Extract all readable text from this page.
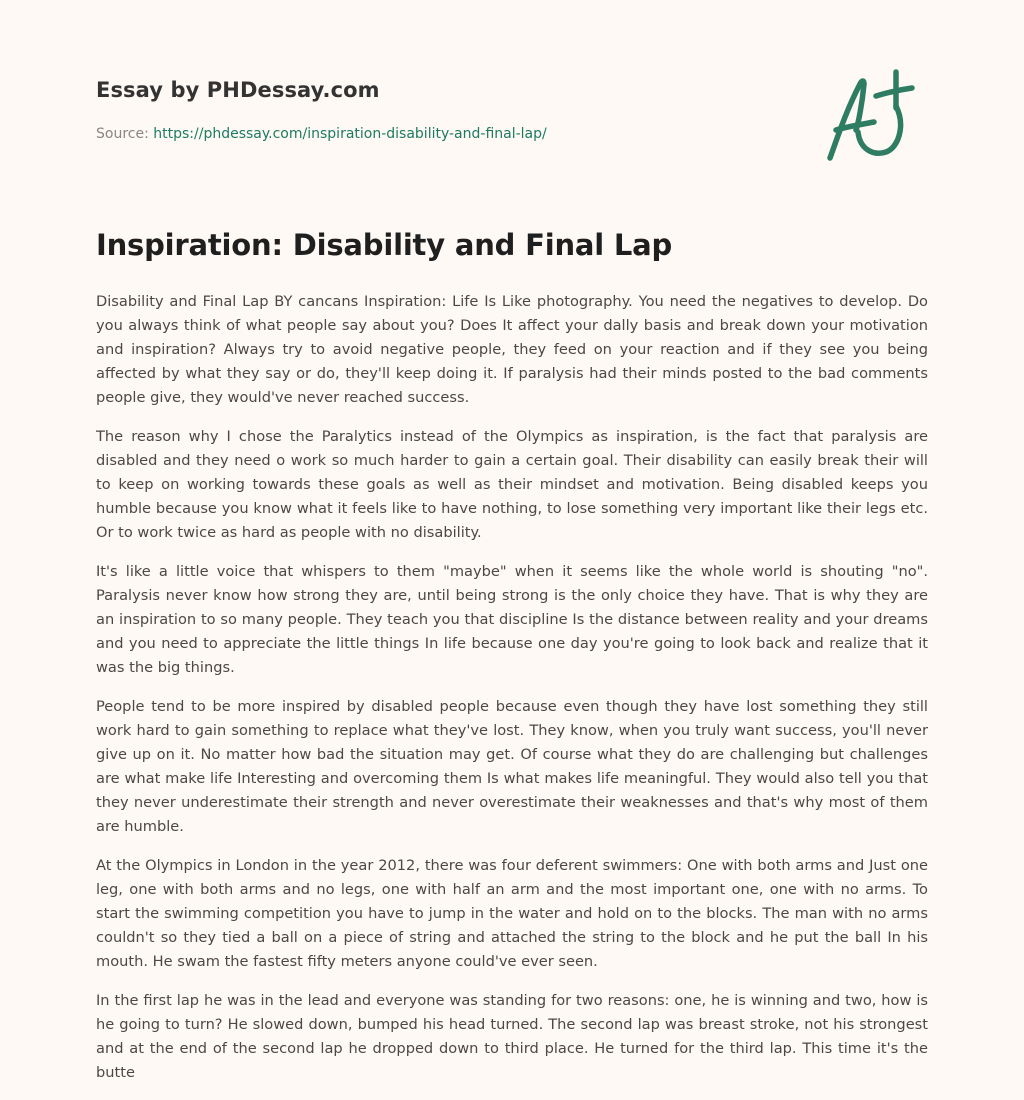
Essay by PHDessay.com
Source: https://phdessay.com/inspiration-disability-and-final-lap/
Inspiration: Disability and Final Lap

Disability and Final Lap BY cancans Inspiration: Life Is Like photography. You need the negatives to develop. Do you always think of what people say about you? Does It affect your dally basis and break down your motivation and inspiration? Always try to avoid negative people, they feed on your reaction and if they see you being affected by what they say or do, they'll keep doing it. If paralysis had their minds posted to the bad comments people give, they would've never reached success.

The reason why I chose the Paralytics instead of the Olympics as inspiration, is the fact that paralysis are disabled and they need o work so much harder to gain a certain goal. Their disability can easily break their will to keep on working towards these goals as well as their mindset and motivation. Being disabled keeps you humble because you know what it feels like to have nothing, to lose something very important like their legs etc. Or to work twice as hard as people with no disability.

It's like a little voice that whispers to them "maybe" when it seems like the whole world is shouting "no". Paralysis never know how strong they are, until being strong is the only choice they have. That is why they are an inspiration to so many people. They teach you that discipline Is the distance between reality and your dreams and you need to appreciate the little things In life because one day you're going to look back and realize that it was the big things.

People tend to be more inspired by disabled people because even though they have lost something they still work hard to gain something to replace what they've lost. They know, when you truly want success, you'll never give up on it. No matter how bad the situation may get. Of course what they do are challenging but challenges are what make life Interesting and overcoming them Is what makes life meaningful. They would also tell you that they never underestimate their strength and never overestimate their weaknesses and that's why most of them are humble.

At the Olympics in London in the year 2012, there was four deferent swimmers: One with both arms and Just one leg, one with both arms and no legs, one with half an arm and the most important one, one with no arms. To start the swimming competition you have to jump in the water and hold on to the blocks. The man with no arms couldn't so they tied a ball on a piece of string and attached the string to the block and he put the ball In his mouth. He swam the fastest fifty meters anyone could've ever seen.

In the first lap he was in the lead and everyone was standing for two reasons: one, he is winning and two, how is he going to turn? He slowed down, bumped his head turned. The second lap was breast stroke, not his strongest and at the end of the second lap he dropped down to third place. He turned for the third lap. This time it's the butte
